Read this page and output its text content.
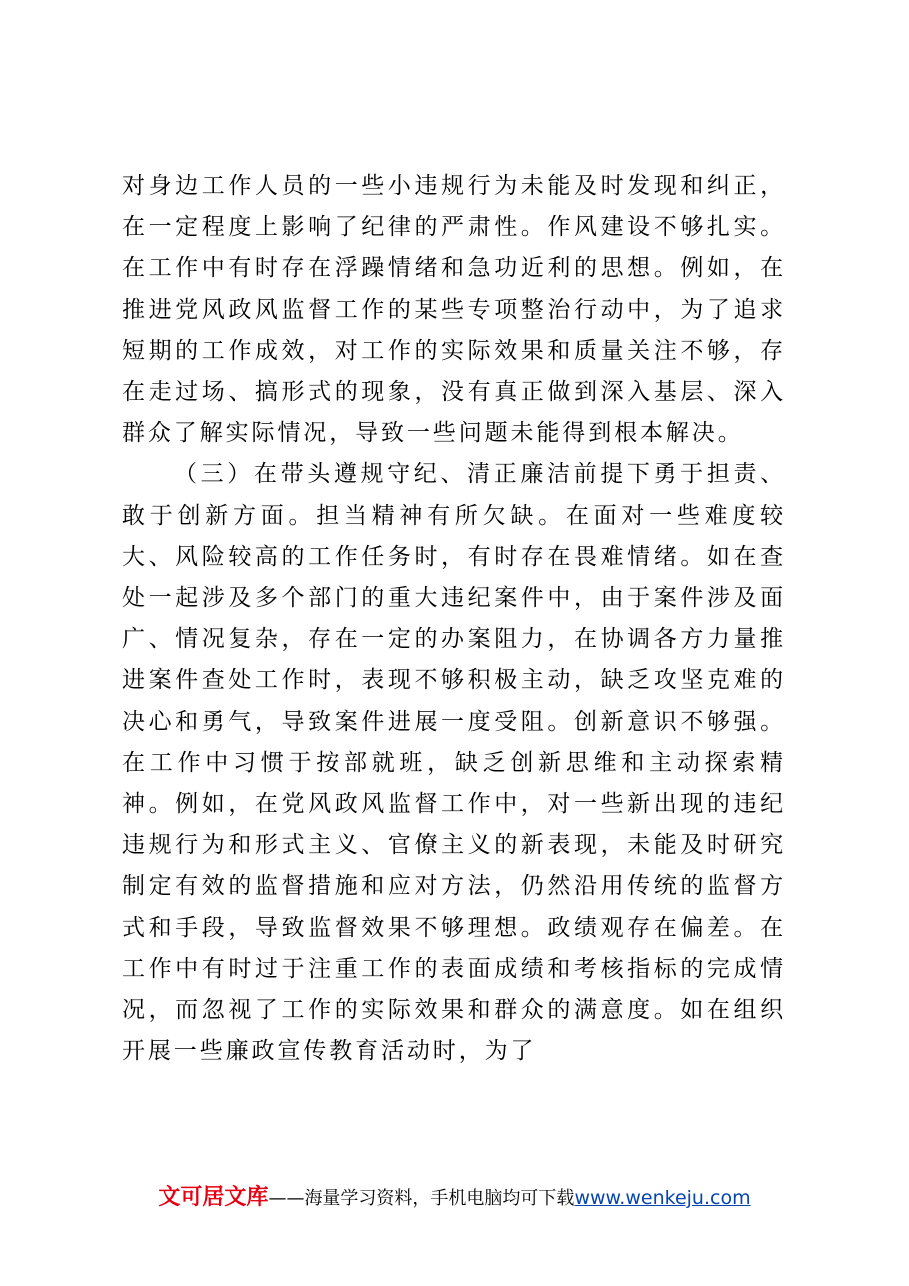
对身边工作人员的一些小违规行为未能及时发现和纠正，在一定程度上影响了纪律的严肃性。作风建设不够扎实。在工作中有时存在浮躁情绪和急功近利的思想。例如，在推进党风政风监督工作的某些专项整治行动中，为了追求短期的工作成效，对工作的实际效果和质量关注不够，存在走过场、搞形式的现象，没有真正做到深入基层、深入群众了解实际情况，导致一些问题未能得到根本解决。

（三）在带头遵规守纪、清正廉洁前提下勇于担责、敢于创新方面。担当精神有所欠缺。在面对一些难度较大、风险较高的工作任务时，有时存在畏难情绪。如在查处一起涉及多个部门的重大违纪案件中，由于案件涉及面广、情况复杂，存在一定的办案阻力，在协调各方力量推进案件查处工作时，表现不够积极主动，缺乏攻坚克难的决心和勇气，导致案件进展一度受阻。创新意识不够强。在工作中习惯于按部就班，缺乏创新思维和主动探索精神。例如，在党风政风监督工作中，对一些新出现的违纪违规行为和形式主义、官僚主义的新表现，未能及时研究制定有效的监督措施和应对方法，仍然沿用传统的监督方式和手段，导致监督效果不够理想。政绩观存在偏差。在工作中有时过于注重工作的表面成绩和考核指标的完成情况，而忽视了工作的实际效果和群众的满意度。如在组织开展一些廉政宣传教育活动时，为了

文可居文库——海量学习资料，手机电脑均可下载www.wenkeju.com
